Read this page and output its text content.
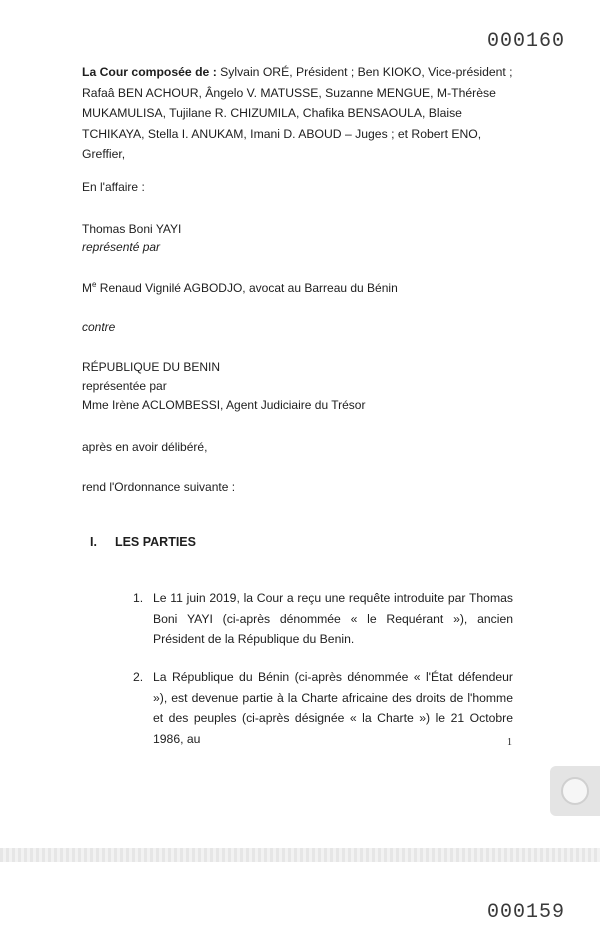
000160
La Cour composée de : Sylvain ORÉ, Président ; Ben KIOKO, Vice-président ; Rafaâ BEN ACHOUR, Ângelo V. MATUSSE, Suzanne MENGUE, M-Thérèse MUKAMULISA, Tujilane R. CHIZUMILA, Chafika BENSAOULA, Blaise TCHIKAYA, Stella I. ANUKAM, Imani D. ABOUD – Juges ; et Robert ENO, Greffier,
En l'affaire :
Thomas Boni YAYI
représenté par
Me Renaud Vignilé AGBODJO, avocat au Barreau du Bénin
contre
RÉPUBLIQUE DU BENIN
représentée par
Mme Irène ACLOMBESSI, Agent Judiciaire du Trésor
après en avoir délibéré,
rend l'Ordonnance suivante :
I. LES PARTIES
1. Le 11 juin 2019, la Cour a reçu une requête introduite par Thomas Boni YAYI (ci-après dénommée « le Requérant »), ancien Président de la République du Benin.
2. La République du Bénin (ci-après dénommée « l'État défendeur »), est devenue partie à la Charte africaine des droits de l'homme et des peuples (ci-après désignée « la Charte ») le 21 Octobre 1986, au	1
000159
